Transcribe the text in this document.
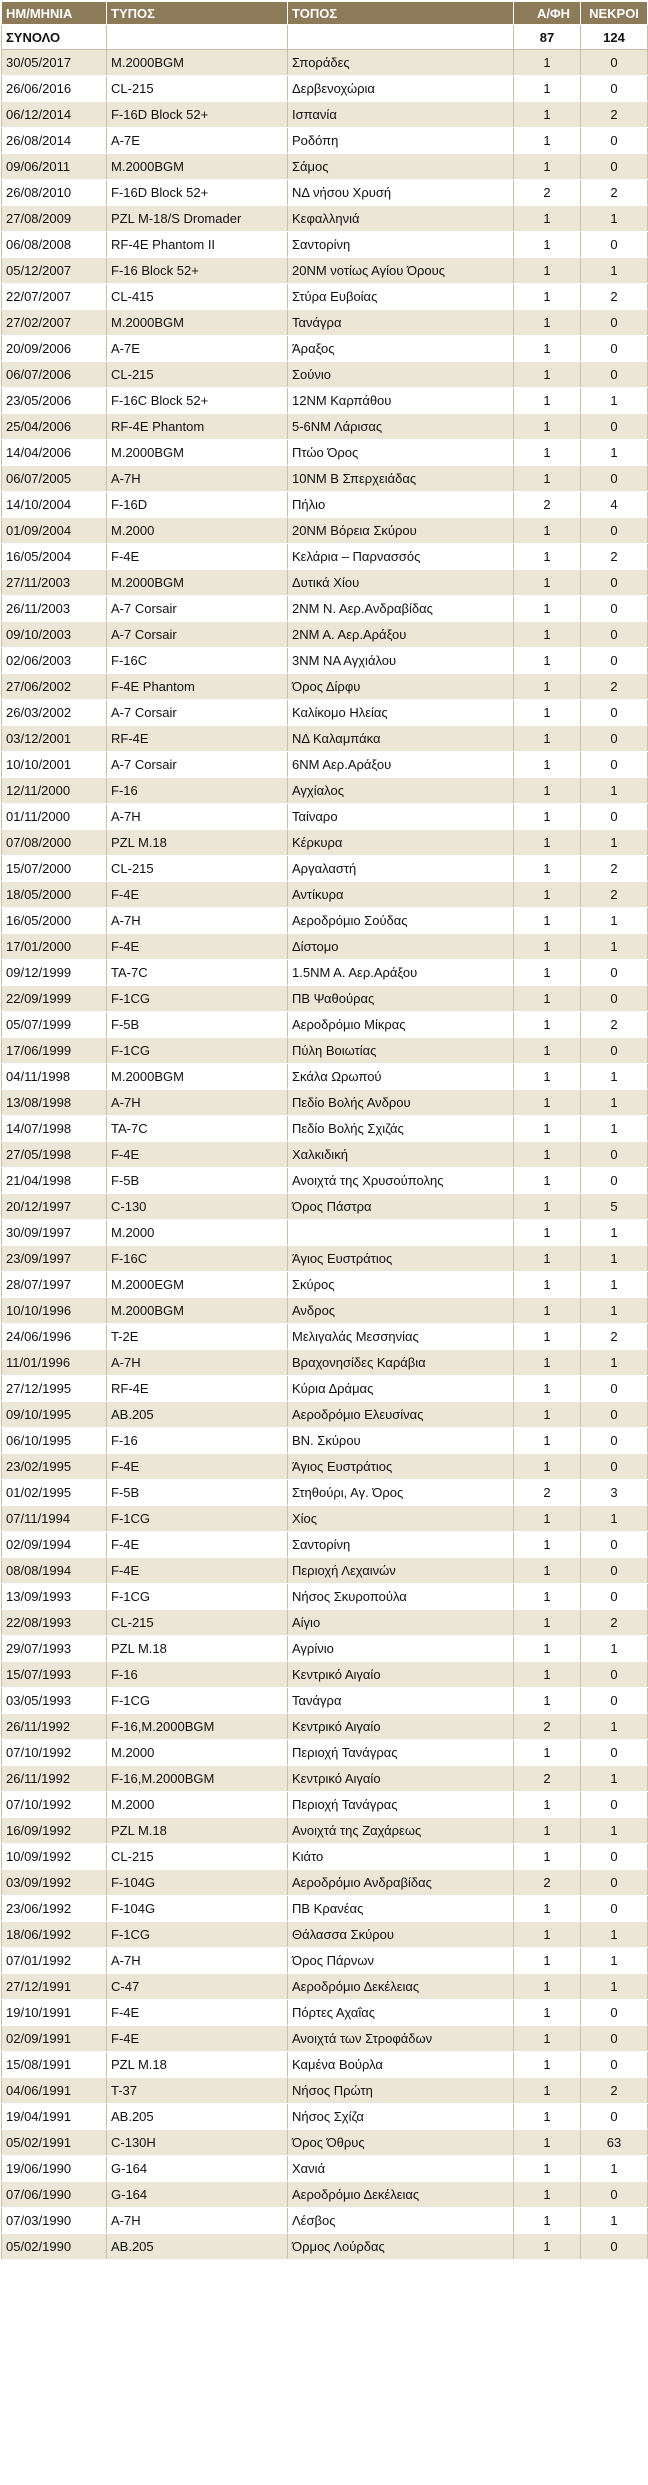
ΗΜ/ΜΗΝΙΑ	ΤΥΠΟΣ	ΤΟΠΟΣ	Α/ΦΗ	ΝΕΚΡΟΙ
ΣΥΝΟΛΟ			87	124
30/05/2017	M.2000BGM	Σποράδες	1	0
26/06/2016	CL-215	Δερβενοχώρια	1	0
06/12/2014	F-16D Block 52+	Ισπανία	1	2
26/08/2014	A-7E	Ροδόπη	1	0
09/06/2011	M.2000BGM	Σάμος	1	0
26/08/2010	F-16D Block 52+	ΝΔ νήσου Χρυσή	2	2
27/08/2009	PZL M-18/S Dromader	Κεφαλληνιά	1	1
06/08/2008	RF-4E Phantom II	Σαντορίνη	1	0
05/12/2007	F-16 Block 52+	20ΝΜ νοτίως Αγίου Όρους	1	1
22/07/2007	CL-415	Στύρα Ευβοίας	1	2
27/02/2007	M.2000BGM	Τανάγρα	1	0
20/09/2006	A-7E	Άραξος	1	0
06/07/2006	CL-215	Σούνιο	1	0
23/05/2006	F-16C Block 52+	12ΝΜ Καρπάθου	1	1
25/04/2006	RF-4E Phantom	5-6ΝΜ Λάρισας	1	0
14/04/2006	M.2000BGM	Πτώο Όρος	1	1
06/07/2005	A-7H	10ΝΜ Β Σπερχειάδας	1	0
14/10/2004	F-16D	Πήλιο	2	4
01/09/2004	M.2000	20ΝΜ Βόρεια Σκύρου	1	0
16/05/2004	F-4E	Κελάρια – Παρνασσός	1	2
27/11/2003	M.2000BGM	Δυτικά Χίου	1	0
26/11/2003	A-7 Corsair	2ΝΜ Ν. Αερ.Ανδραβίδας	1	0
09/10/2003	A-7 Corsair	2ΝΜ Α. Αερ.Αράξου	1	0
02/06/2003	F-16C	3ΝΜ ΝΑ Αγχιάλου	1	0
27/06/2002	F-4E Phantom	Όρος Δίρφυ	1	2
26/03/2002	A-7 Corsair	Καλίκομο Ηλείας	1	0
03/12/2001	RF-4E	ΝΔ Καλαμπάκα	1	0
10/10/2001	A-7 Corsair	6ΝΜ Αερ.Αράξου	1	0
12/11/2000	F-16	Αγχίαλος	1	1
01/11/2000	A-7H	Ταίναρο	1	0
07/08/2000	PZL M.18	Κέρκυρα	1	1
15/07/2000	CL-215	Αργαλαστή	1	2
18/05/2000	F-4E	Αντίκυρα	1	2
16/05/2000	A-7H	Αεροδρόμιο Σούδας	1	1
17/01/2000	F-4E	Δίστομο	1	1
09/12/1999	TA-7C	1.5ΝΜ Α. Αερ.Αράξου	1	0
22/09/1999	F-1CG	ΠΒ Ψαθούρας	1	0
05/07/1999	F-5B	Αεροδρόμιο Μίκρας	1	2
17/06/1999	F-1CG	Πύλη Βοιωτίας	1	0
04/11/1998	M.2000BGM	Σκάλα Ωρωπού	1	1
13/08/1998	A-7H	Πεδίο Βολής Ανδρου	1	1
14/07/1998	TA-7C	Πεδίο Βολής Σχιζάς	1	1
27/05/1998	F-4E	Χαλκιδική	1	0
21/04/1998	F-5B	Ανοιχτά της Χρυσούπολης	1	0
20/12/1997	C-130	Όρος Πάστρα	1	5
30/09/1997	M.2000		1	1
23/09/1997	F-16C	Άγιος Ευστράτιος	1	1
28/07/1997	M.2000EGM	Σκύρος	1	1
10/10/1996	M.2000BGM	Ανδρος	1	1
24/06/1996	T-2E	Μελιγαλάς Μεσσηνίας	1	2
11/01/1996	A-7H	Βραχονησίδες Καράβια	1	1
27/12/1995	RF-4E	Κύρια Δράμας	1	0
09/10/1995	AB.205	Αεροδρόμιο Ελευσίνας	1	0
06/10/1995	F-16	ΒΝ. Σκύρου	1	0
23/02/1995	F-4E	Άγιος Ευστράτιος	1	0
01/02/1995	F-5B	Στηθούρι, Αγ. Όρος	2	3
07/11/1994	F-1CG	Χίος	1	1
02/09/1994	F-4E	Σαντορίνη	1	0
08/08/1994	F-4E	Περιοχή Λεχαινών	1	0
13/09/1993	F-1CG	Νήσος Σκυροπούλα	1	0
22/08/1993	CL-215	Αίγιο	1	2
29/07/1993	PZL M.18	Αγρίνιο	1	1
15/07/1993	F-16	Κεντρικό Αιγαίο	1	0
03/05/1993	F-1CG	Τανάγρα	1	0
26/11/1992	F-16,M.2000BGM	Κεντρικό Αιγαίο	2	1
07/10/1992	M.2000	Περιοχή Τανάγρας	1	0
26/11/1992	F-16,M.2000BGM	Κεντρικό Αιγαίο	2	1
07/10/1992	M.2000	Περιοχή Τανάγρας	1	0
16/09/1992	PZL M.18	Ανοιχτά της Ζαχάρεως	1	1
10/09/1992	CL-215	Κιάτο	1	0
03/09/1992	F-104G	Αεροδρόμιο Ανδραβίδας	2	0
23/06/1992	F-104G	ΠΒ Κρανέας	1	0
18/06/1992	F-1CG	Θάλασσα Σκύρου	1	1
07/01/1992	A-7H	Όρος Πάρνων	1	1
27/12/1991	C-47	Αεροδρόμιο Δεκέλειας	1	1
19/10/1991	F-4E	Πόρτες Αχαΐας	1	0
02/09/1991	F-4E	Ανοιχτά των Στροφάδων	1	0
15/08/1991	PZL M.18	Καμένα Βούρλα	1	0
04/06/1991	T-37	Νήσος Πρώτη	1	2
19/04/1991	AB.205	Νήσος Σχίζα	1	0
05/02/1991	C-130H	Όρος Όθρυς	1	63
19/06/1990	G-164	Χανιά	1	1
07/06/1990	G-164	Αεροδρόμιο Δεκέλειας	1	0
07/03/1990	A-7H	Λέσβος	1	1
05/02/1990	AB.205	Όρμος Λούρδας	1	0
